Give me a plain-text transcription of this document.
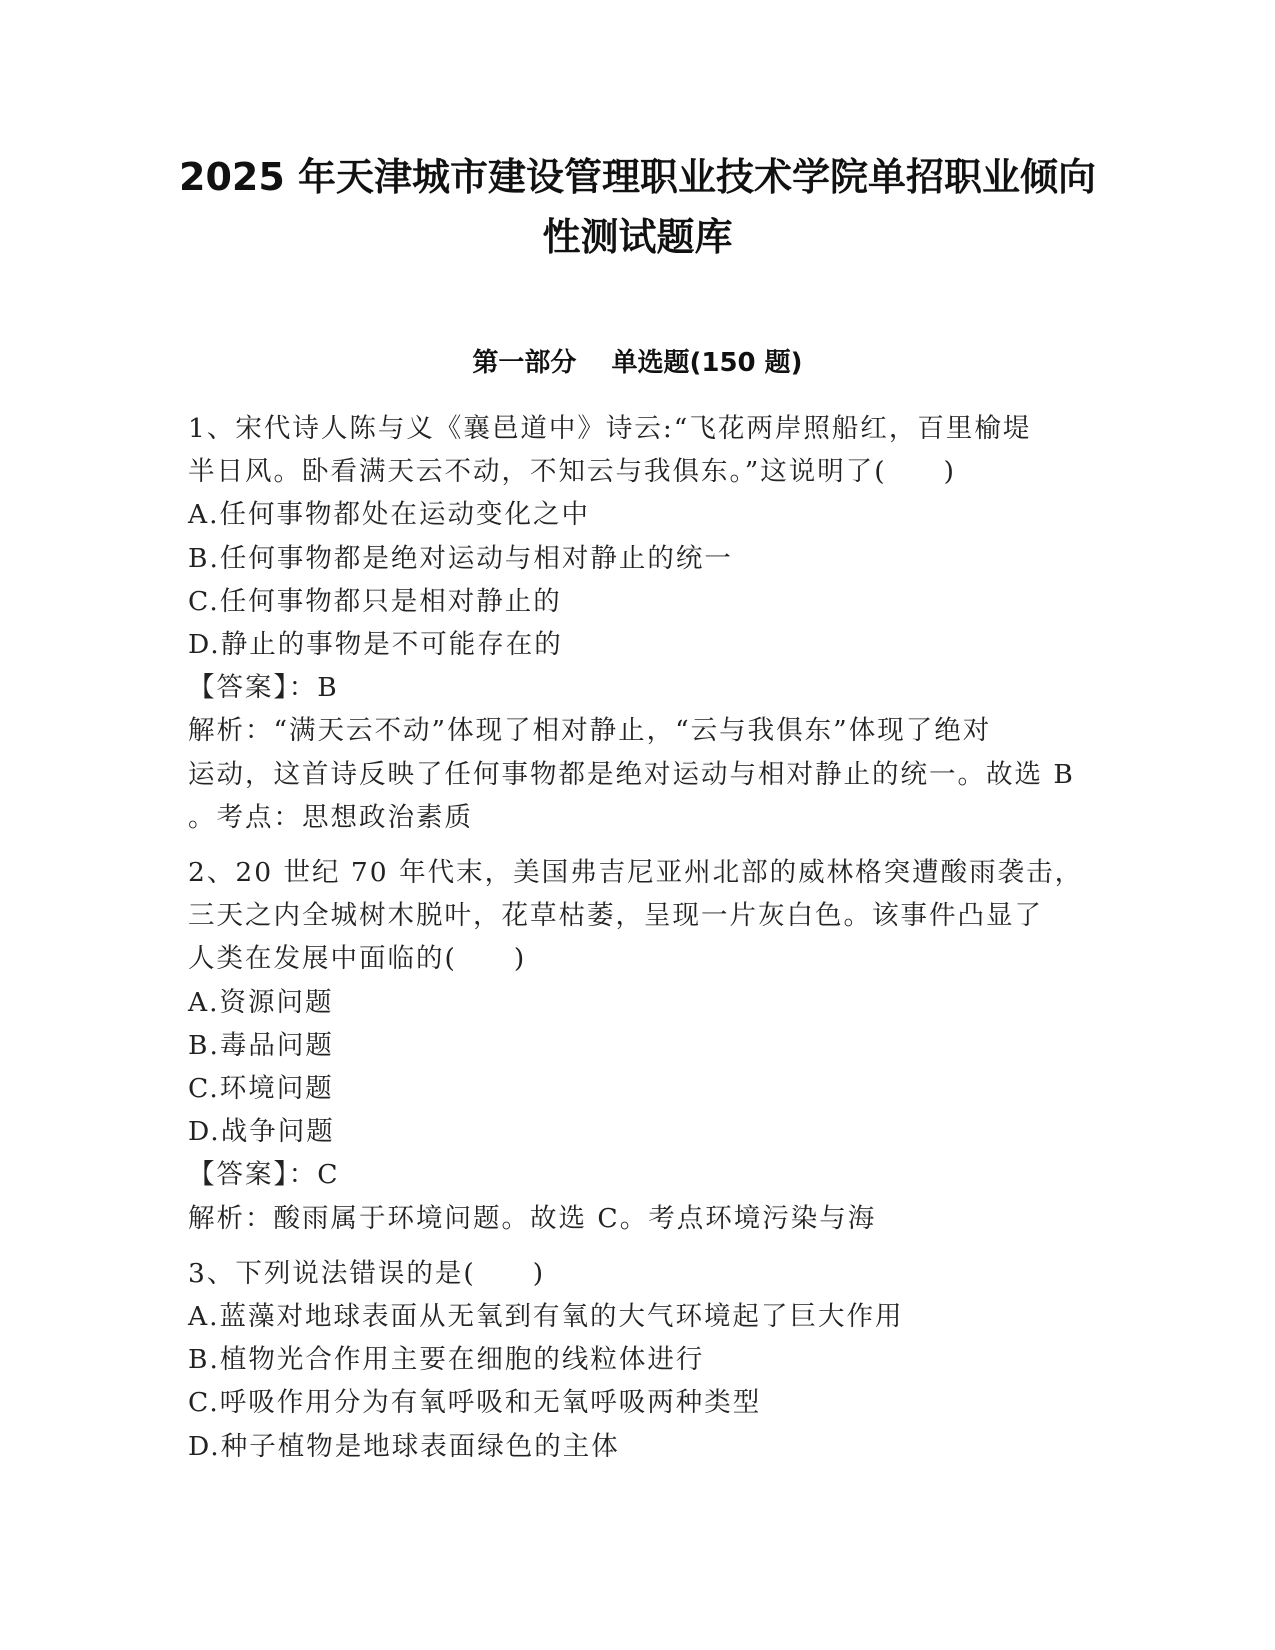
2025 年天津城市建设管理职业技术学院单招职业倾向
性测试题库
第一部分　 单选题(150 题)
1、宋代诗人陈与义《襄邑道中》诗云:“飞花两岸照船红，百里榆堤
半日风。卧看满天云不动，不知云与我俱东。”这说明了(　　)
A.任何事物都处在运动变化之中
B.任何事物都是绝对运动与相对静止的统一
C.任何事物都只是相对静止的
D.静止的事物是不可能存在的
【答案】：B
解析：“满天云不动”体现了相对静止，“云与我俱东”体现了绝对
运动，这首诗反映了任何事物都是绝对运动与相对静止的统一。故选 B
。考点：思想政治素质
2、20 世纪 70 年代末，美国弗吉尼亚州北部的威林格突遭酸雨袭击，
三天之内全城树木脱叶，花草枯萎，呈现一片灰白色。该事件凸显了
人类在发展中面临的(　　)
A.资源问题
B.毒品问题
C.环境问题
D.战争问题
【答案】：C
解析：酸雨属于环境问题。故选 C。考点环境污染与海
3、下列说法错误的是(　　)
A.蓝藻对地球表面从无氧到有氧的大气环境起了巨大作用
B.植物光合作用主要在细胞的线粒体进行
C.呼吸作用分为有氧呼吸和无氧呼吸两种类型
D.种子植物是地球表面绿色的主体
